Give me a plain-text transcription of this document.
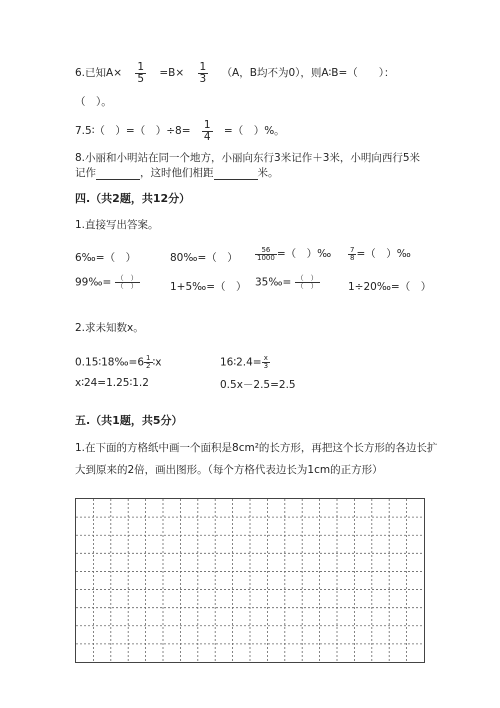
6.已知$A\times \frac{1}{5} =B\times \frac{1}{3} (A$，B均不为0），则A∶B=（　　）：
（　）。
7.5∶（　）=（　）$\div 8= \frac{1}{4}$ =（　）%。
8.小丽和小明站在同一个地方，小丽向东行3米记作＋3米，小明向西行5米
记作	，这时他们相距	米。
四.（共2题，共12分）
1.直接写出答案。
6‰=（　）	80‰=（　） $\frac{56}{1000}$ =（　）‰ $\frac{7}{8}$ =（　）‰
99‰= $\frac{( )}{( )}$	1+5‰=（　） 35‰= $\frac{( )}{( )}$	1÷20‰=（　）
2.求未知数x。
0.15∶18‰=6 $\frac{1}{2}$ ∶x	16∶2.4= $\frac{x}{3}$
x∶24=1.25∶1.2	0.5x－2.5=2.5
五.（共1题，共5分）
1.在下面的方格纸中画一个面积是8cm²的长方形，再把这个长方形的各边长扩
大到原来的2倍，画出图形。（每个方格代表边长为1cm的正方形）
